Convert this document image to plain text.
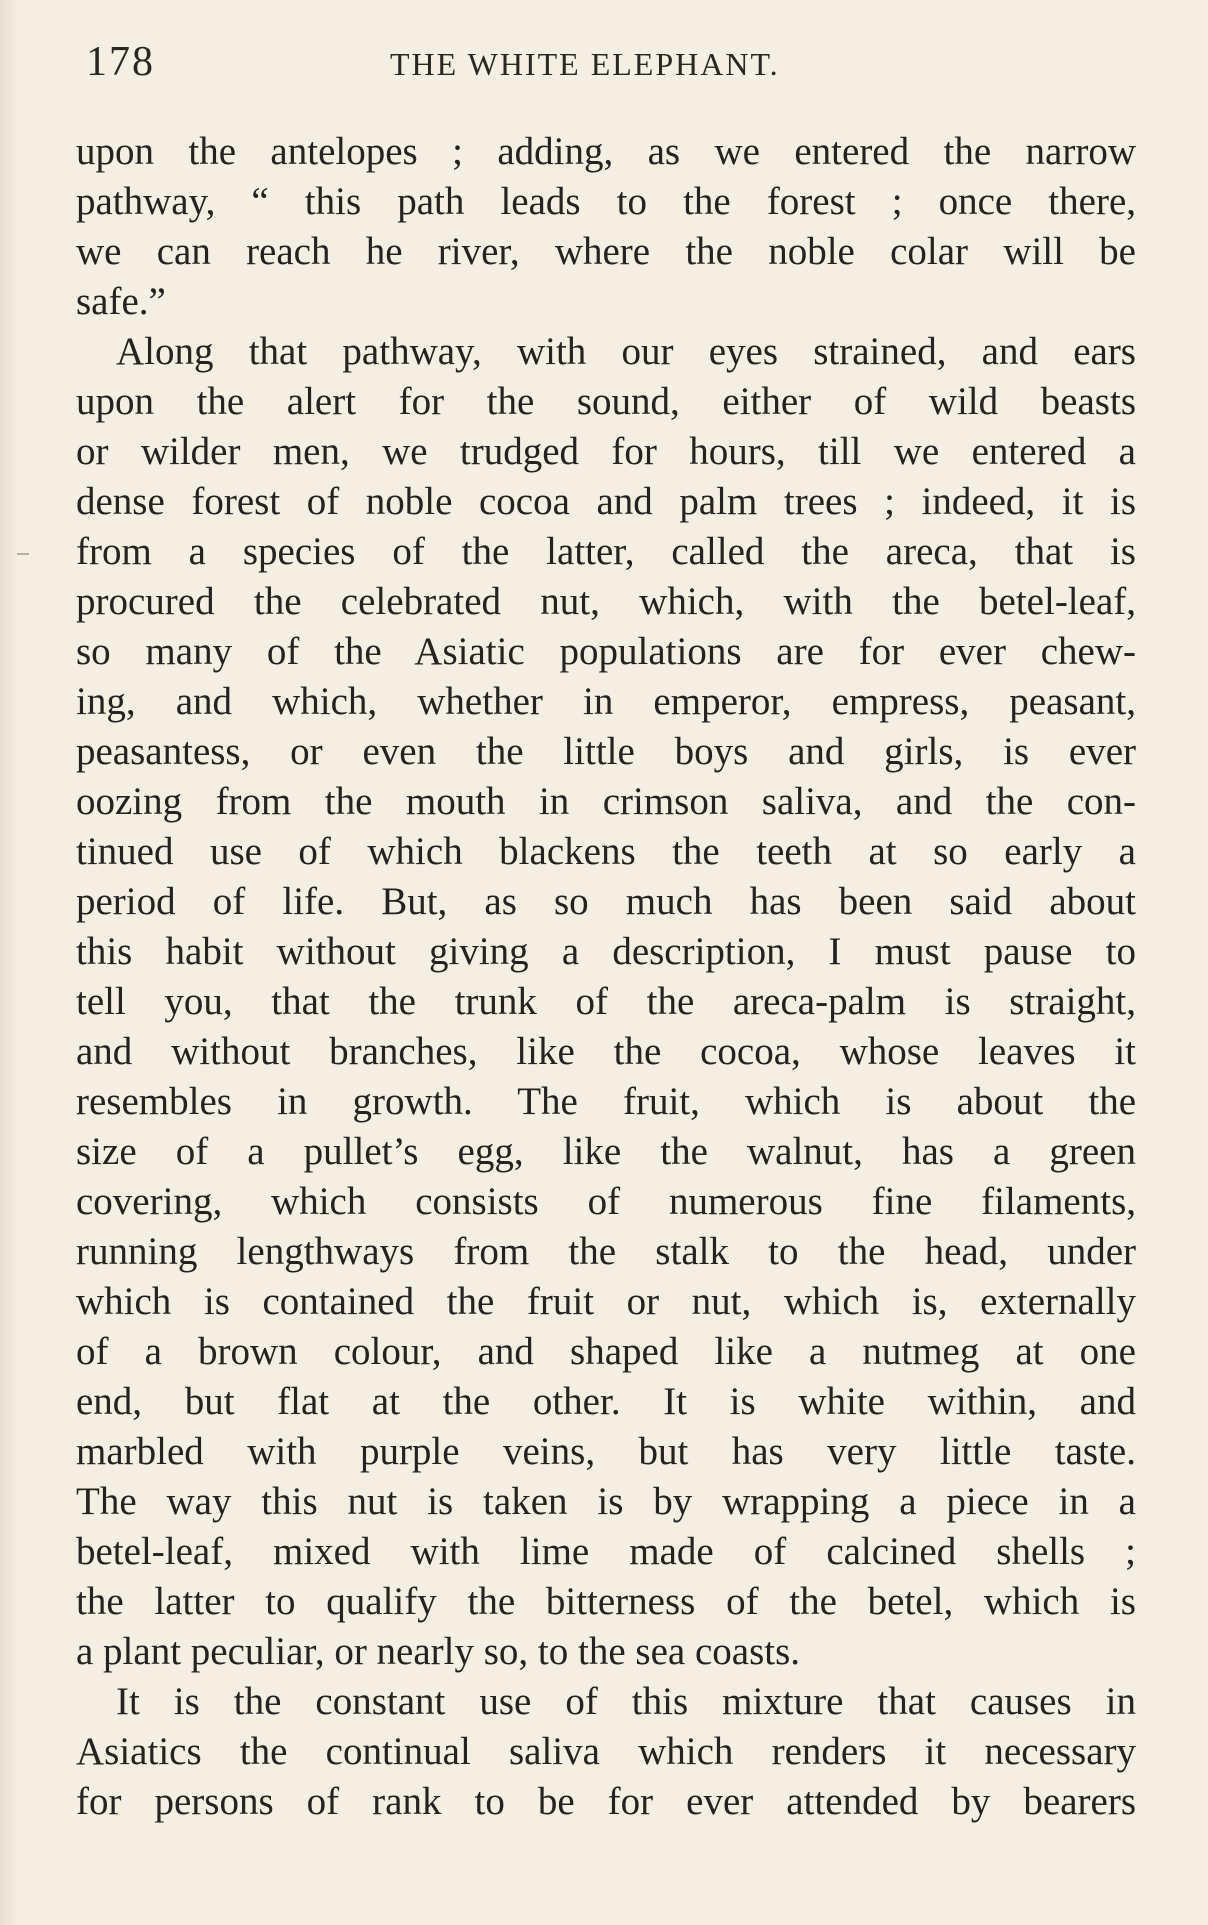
178	THE WHITE ELEPHANT.
upon the antelopes ; adding, as we entered the narrow
pathway, “ this path leads to the forest ; once there,
we can reach he river, where the noble colar will be
safe.”
Along that pathway, with our eyes strained, and ears
upon the alert for the sound, either of wild beasts
or wilder men, we trudged for hours, till we entered a
dense forest of noble cocoa and palm trees ; indeed, it is
from a species of the latter, called the areca, that is
procured the celebrated nut, which, with the betel-leaf,
so many of the Asiatic populations are for ever chew-
ing, and which, whether in emperor, empress, peasant,
peasantess, or even the little boys and girls, is ever
oozing from the mouth in crimson saliva, and the con-
tinued use of which blackens the teeth at so early a
period of life. But, as so much has been said about
this habit without giving a description, I must pause to
tell you, that the trunk of the areca-palm is straight,
and without branches, like the cocoa, whose leaves it
resembles in growth. The fruit, which is about the
size of a pullet’s egg, like the walnut, has a green
covering, which consists of numerous fine filaments,
running lengthways from the stalk to the head, under
which is contained the fruit or nut, which is, externally
of a brown colour, and shaped like a nutmeg at one
end, but flat at the other. It is white within, and
marbled with purple veins, but has very little taste.
The way this nut is taken is by wrapping a piece in a
betel-leaf, mixed with lime made of calcined shells ;
the latter to qualify the bitterness of the betel, which is
a plant peculiar, or nearly so, to the sea coasts.
It is the constant use of this mixture that causes in
Asiatics the continual saliva which renders it necessary
for persons of rank to be for ever attended by bearers
